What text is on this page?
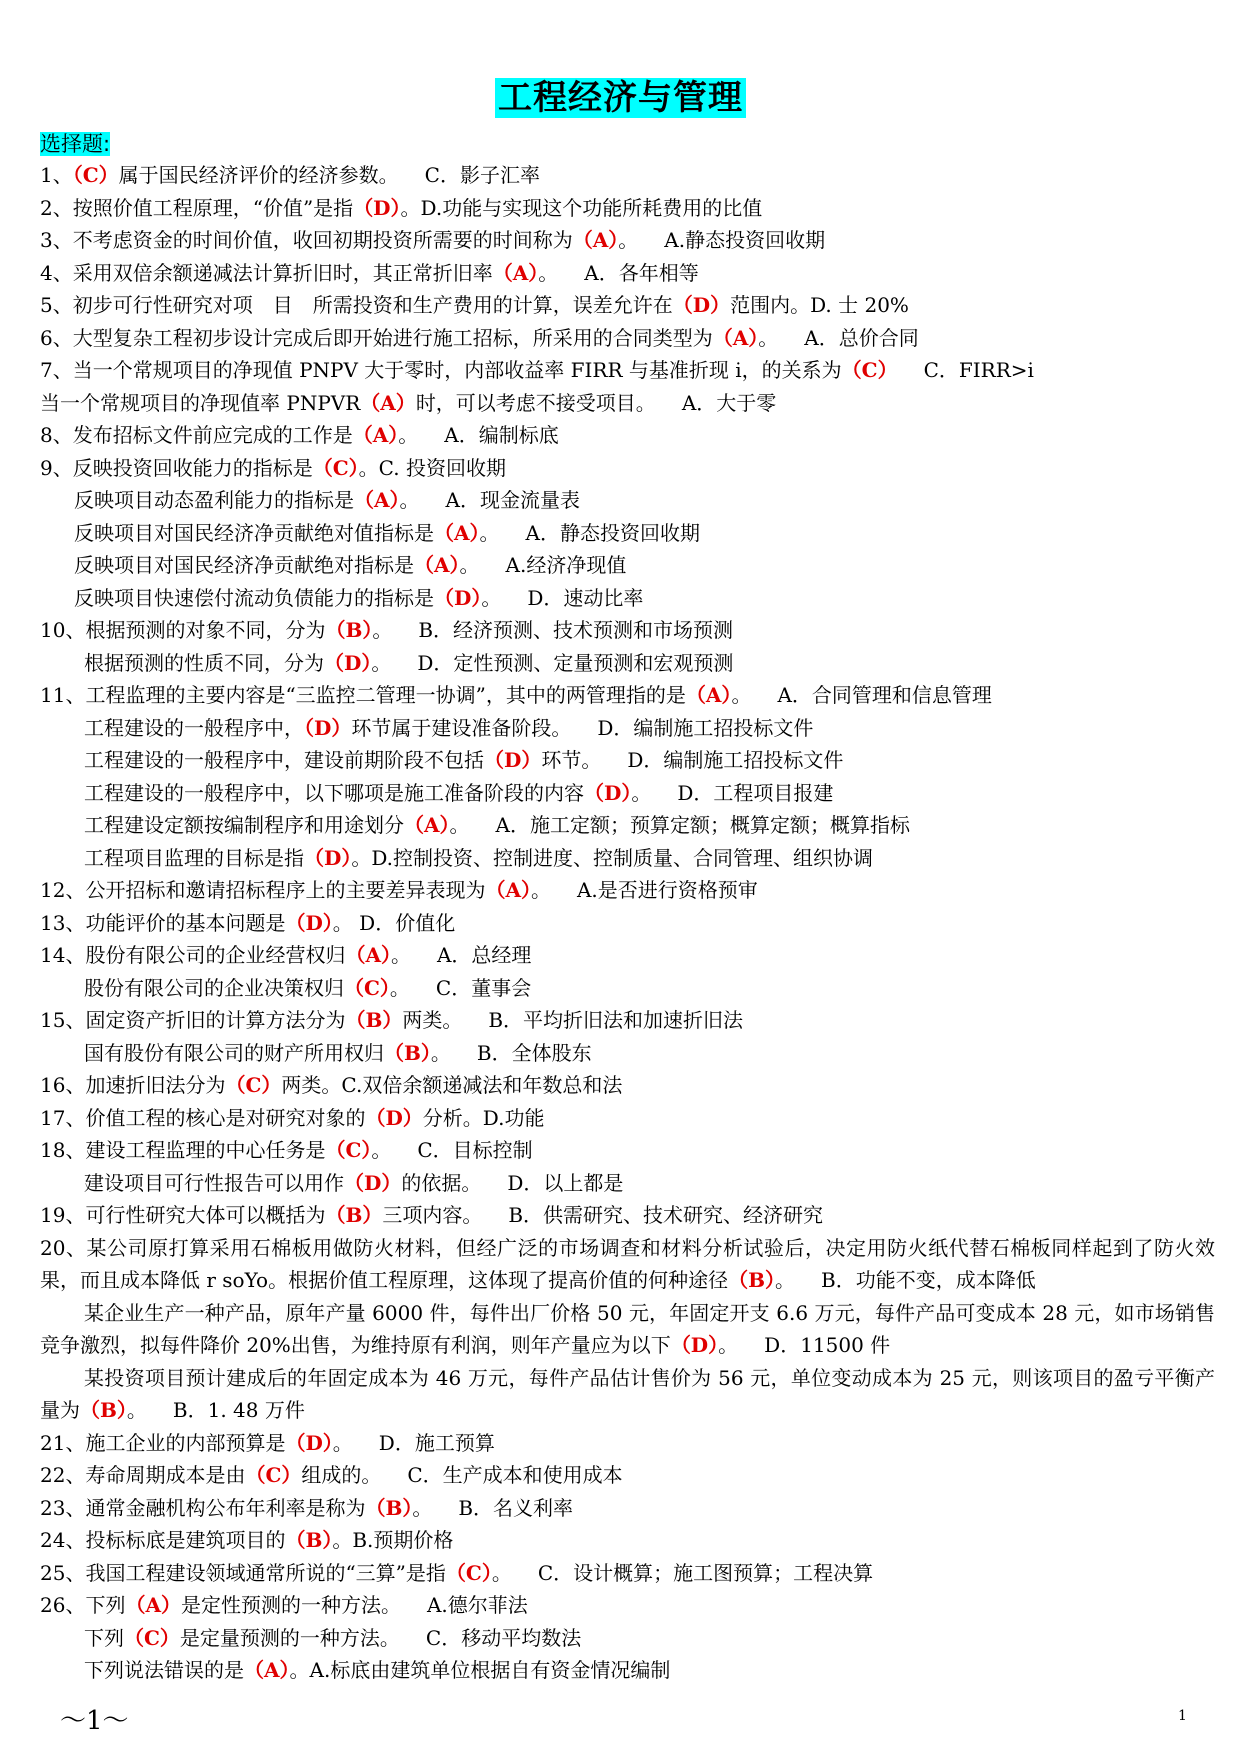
工程经济与管理
选择题:

1、（C）属于国民经济评价的经济参数。 C．影子汇率

2、按照价值工程原理，“价值”是指（D）。D.功能与实现这个功能所耗费用的比值

3、不考虑资金的时间价值，收回初期投资所需要的时间称为（A）。 A.静态投资回收期

4、采用双倍余额递减法计算折旧时，其正常折旧率（A）。 A．各年相等

5、初步可行性研究对项　目　所需投资和生产费用的计算，误差允许在（D）范围内。D. 士 20%

6、大型复杂工程初步设计完成后即开始进行施工招标，所采用的合同类型为（A）。 A．总价合同

7、当一个常规项目的净现值 PNPV 大于零时，内部收益率 FIRR 与基准折现 i，的关系为（C） C．FIRR>i

当一个常规项目的净现值率 PNPVR（A）时，可以考虑不接受项目。 A．大于零

8、发布招标文件前应完成的工作是（A）。 A．编制标底

9、反映投资回收能力的指标是（C）。C. 投资回收期

反映项目动态盈利能力的指标是（A）。 A．现金流量表

反映项目对国民经济净贡献绝对值指标是（A）。 A．静态投资回收期

反映项目对国民经济净贡献绝对指标是（A）。 A.经济净现值

反映项目快速偿付流动负债能力的指标是（D）。 D．速动比率

10、根据预测的对象不同，分为（B）。 B．经济预测、技术预测和市场预测

根据预测的性质不同，分为（D）。 D．定性预测、定量预测和宏观预测

11、工程监理的主要内容是“三监控二管理一协调”，其中的两管理指的是（A）。 A．合同管理和信息管理

工程建设的一般程序中，（D）环节属于建设准备阶段。 D．编制施工招投标文件

工程建设的一般程序中，建设前期阶段不包括（D）环节。 D．编制施工招投标文件

工程建设的一般程序中，以下哪项是施工准备阶段的内容（D）。 D．工程项目报建

工程建设定额按编制程序和用途划分（A）。 A．施工定额；预算定额；概算定额；概算指标

工程项目监理的目标是指（D）。D.控制投资、控制进度、控制质量、合同管理、组织协调

12、公开招标和邀请招标程序上的主要差异表现为（A）。 A.是否进行资格预审

13、功能评价的基本问题是（D）。 D．价值化

14、股份有限公司的企业经营权归（A）。 A．总经理

股份有限公司的企业决策权归（C）。 C．董事会

15、固定资产折旧的计算方法分为（B）两类。 B．平均折旧法和加速折旧法

国有股份有限公司的财产所用权归（B）。 B．全体股东

16、加速折旧法分为（C）两类。C.双倍余额递减法和年数总和法

17、价值工程的核心是对研究对象的（D）分析。D.功能

18、建设工程监理的中心任务是（C）。 C．目标控制

建设项目可行性报告可以用作（D）的依据。 D．以上都是

19、可行性研究大体可以概括为（B）三项内容。 B．供需研究、技术研究、经济研究

20、某公司原打算采用石棉板用做防火材料，但经广泛的市场调查和材料分析试验后，决定用防火纸代替石棉板同样起到了防火效果，而且成本降低 r soYo。根据价值工程原理，这体现了提高价值的何种途径（B）。 B．功能不变，成本降低

某企业生产一种产品，原年产量 6000 件，每件出厂价格 50 元，年固定开支 6.6 万元，每件产品可变成本 28 元，如市场销售竞争激烈，拟每件降价 20%出售，为维持原有利润，则年产量应为以下（D）。 D．11500 件

某投资项目预计建成后的年固定成本为 46 万元，每件产品估计售价为 56 元，单位变动成本为 25 元，则该项目的盈亏平衡产量为（B）。 B．1. 48 万件

21、施工企业的内部预算是（D）。 D．施工预算

22、寿命周期成本是由（C）组成的。 C．生产成本和使用成本

23、通常金融机构公布年利率是称为（B）。 B．名义利率

24、投标标底是建筑项目的（B）。B.预期价格

25、我国工程建设领域通常所说的“三算”是指（C）。 C．设计概算；施工图预算；工程决算

26、下列（A）是定性预测的一种方法。 A.德尔菲法

下列（C）是定量预测的一种方法。 C．移动平均数法

下列说法错误的是（A）。A.标底由建筑单位根据自有资金情况编制

～1～	1
